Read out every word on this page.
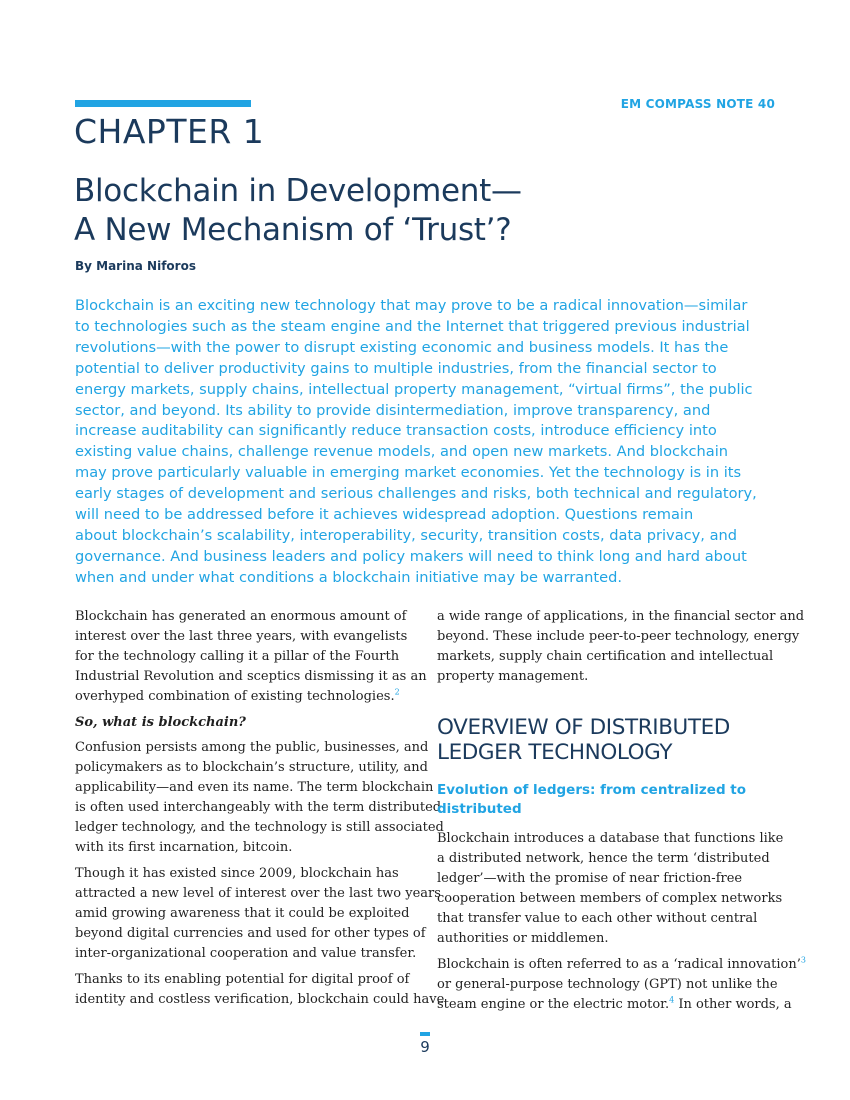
EM COMPASS NOTE 40
CHAPTER 1
Blockchain in Development—
A New Mechanism of ‘Trust’?
By Marina Niforos
Blockchain is an exciting new technology that may prove to be a radical innovation—similar
to technologies such as the steam engine and the Internet that triggered previous industrial
revolutions—with the power to disrupt existing economic and business models. It has the
potential to deliver productivity gains to multiple industries, from the financial sector to
energy markets, supply chains, intellectual property management, “virtual firms”, the public
sector, and beyond. Its ability to provide disintermediation, improve transparency, and
increase auditability can significantly reduce transaction costs, introduce efficiency into
existing value chains, challenge revenue models, and open new markets. And blockchain
may prove particularly valuable in emerging market economies. Yet the technology is in its
early stages of development and serious challenges and risks, both technical and regulatory,
will need to be addressed before it achieves widespread adoption. Questions remain
about blockchain’s scalability, interoperability, security, transition costs, data privacy, and
governance. And business leaders and policy makers will need to think long and hard about
when and under what conditions a blockchain initiative may be warranted.
Blockchain has generated an enormous amount of
interest over the last three years, with evangelists
for the technology calling it a pillar of the Fourth
Industrial Revolution and sceptics dismissing it as an
overhyped combination of existing technologies.$^2$
So, what is blockchain?
Confusion persists among the public, businesses, and
policymakers as to blockchain’s structure, utility, and
applicability—and even its name. The term blockchain
is often used interchangeably with the term distributed
ledger technology, and the technology is still associated
with its first incarnation, bitcoin.
Though it has existed since 2009, blockchain has
attracted a new level of interest over the last two years
amid growing awareness that it could be exploited
beyond digital currencies and used for other types of
inter-organizational cooperation and value transfer.
Thanks to its enabling potential for digital proof of
identity and costless verification, blockchain could have
a wide range of applications, in the financial sector and
beyond. These include peer-to-peer technology, energy
markets, supply chain certification and intellectual
property management.
OVERVIEW OF DISTRIBUTED
LEDGER TECHNOLOGY
Evolution of ledgers: from centralized to
distributed
Blockchain introduces a database that functions like
a distributed network, hence the term ‘distributed
ledger’—with the promise of near friction-free
cooperation between members of complex networks
that transfer value to each other without central
authorities or middlemen.
Blockchain is often referred to as a ‘radical innovation’$^3$
or general-purpose technology (GPT) not unlike the
steam engine or the electric motor.$^4$ In other words, a
9
